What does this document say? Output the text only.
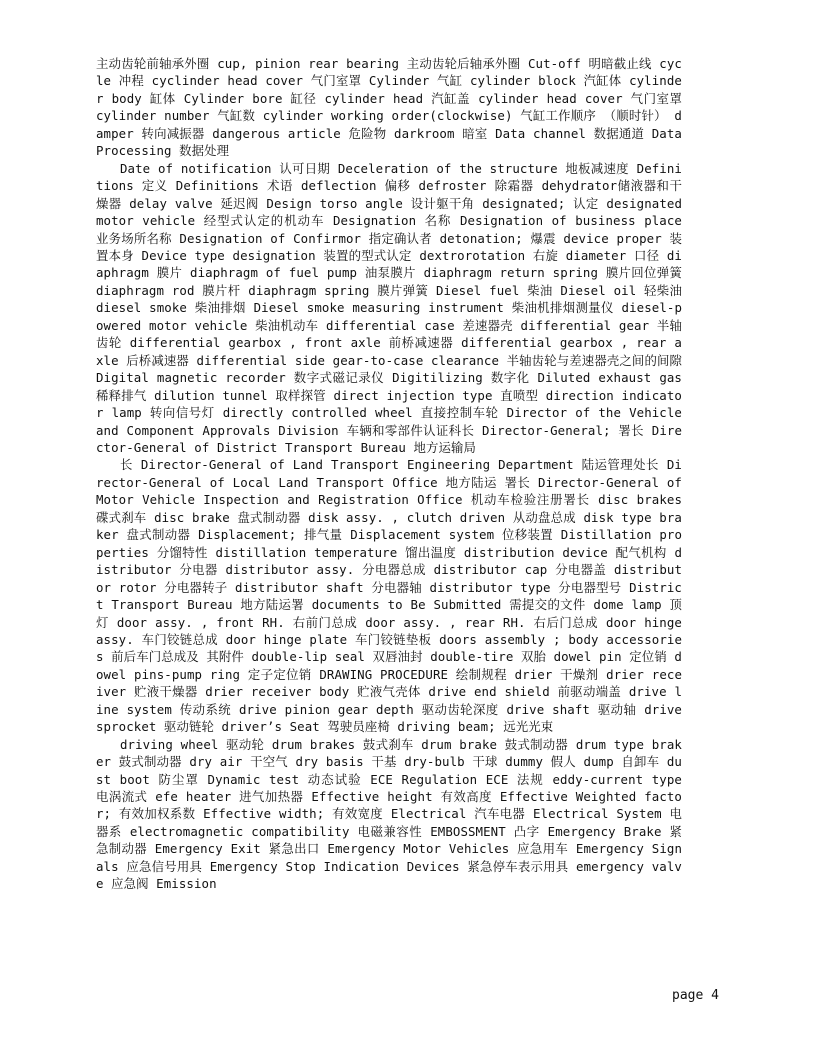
主动齿轮前轴承外圈 cup, pinion rear bearing 主动齿轮后轴承外圈 Cut-off 明暗截止线 cycle 冲程 cyclinder head cover 气门室罩 Cylinder 气缸 cylinder block 汽缸体 cylinder body 缸体 Cylinder bore 缸径 cylinder head 汽缸盖 cylinder head cover 气门室罩 cylinder number 气缸数 cylinder working order(clockwise) 气缸工作顺序 （顺时针） damper 转向减振器 dangerous article 危险物 darkroom 暗室 Data channel 数据通道 Data Processing 数据处理

Date of notification 认可日期 Deceleration of the structure 地板减速度 Definitions 定义 Definitions 术语 deflection 偏移 defroster 除霜器 dehydrator储液器和干燥器 delay valve 延迟阀 Design torso angle 设计躯干角 designated; 认定 designated motor vehicle 经型式认定的机动车 Designation 名称 Designation of business place 业务场所名称 Designation of Confirmor 指定确认者 detonation; 爆震 device proper 装置本身 Device type designation 装置的型式认定 dextrorotation 右旋 diameter 口径 diaphragm 膜片 diaphragm of fuel pump 油泵膜片 diaphragm return spring 膜片回位弹簧 diaphragm rod 膜片杆 diaphragm spring 膜片弹簧 Diesel fuel 柴油 Diesel oil 轻柴油 diesel smoke 柴油排烟 Diesel smoke measuring instrument 柴油机排烟测量仪 diesel-powered motor vehicle 柴油机动车 differential case 差速器壳 differential gear 半轴齿轮 differential gearbox , front axle 前桥减速器 differential gearbox , rear axle 后桥减速器 differential side gear-to-case clearance 半轴齿轮与差速器壳之间的间隙 Digital magnetic recorder 数字式磁记录仪 Digitilizing 数字化 Diluted exhaust gas 稀释排气 dilution tunnel 取样探管 direct injection type 直喷型 direction indicator lamp 转向信号灯 directly controlled wheel 直接控制车轮 Director of the Vehicle and Component Approvals Division 车辆和零部件认证科长 Director-General; 署长 Director-General of District Transport Bureau 地方运输局

长 Director-General of Land Transport Engineering Department 陆运管理处长 Director-General of Local Land Transport Office 地方陆运 署长 Director-General of Motor Vehicle Inspection and Registration Office 机动车检验注册署长 disc brakes 碟式刹车 disc brake 盘式制动器 disk assy. , clutch driven 从动盘总成 disk type braker 盘式制动器 Displacement; 排气量 Displacement system 位移装置 Distillation properties 分馏特性 distillation temperature 馏出温度 distribution device 配气机构 distributor 分电器 distributor assy. 分电器总成 distributor cap 分电器盖 distributor rotor 分电器转子 distributor shaft 分电器轴 distributor type 分电器型号 District Transport Bureau 地方陆运署 documents to Be Submitted 需提交的文件 dome lamp 顶灯 door assy. , front RH. 右前门总成 door assy. , rear RH. 右后门总成 door hinge assy. 车门铰链总成 door hinge plate 车门铰链垫板 doors assembly ; body accessories 前后车门总成及 其附件 double-lip seal 双唇油封 double-tire 双胎 dowel pin 定位销 dowel pins-pump ring 定子定位销 DRAWING PROCEDURE 绘制规程 drier 干燥剂 drier receiver 贮液干燥器 drier receiver body 贮液气壳体 drive end shield 前驱动端盖 drive line system 传动系统 drive pinion gear depth 驱动齿轮深度 drive shaft 驱动轴 drive sprocket 驱动链轮 driver’s Seat 驾驶员座椅 driving beam; 远光光束

driving wheel 驱动轮 drum brakes 鼓式刹车 drum brake 鼓式制动器 drum type braker 鼓式制动器 dry air 干空气 dry basis 干基 dry-bulb 干球 dummy 假人 dump 自卸车 dust boot 防尘罩 Dynamic test 动态试验 ECE Regulation ECE 法规 eddy-current type 电涡流式 efe heater 进气加热器 Effective height 有效高度 Effective Weighted factor; 有效加权系数 Effective width; 有效宽度 Electrical 汽车电器 Electrical System 电器系 electromagnetic compatibility 电磁兼容性 EMBOSSMENT 凸字 Emergency Brake 紧急制动器 Emergency Exit 紧急出口 Emergency Motor Vehicles 应急用车 Emergency Signals 应急信号用具 Emergency Stop Indication Devices 紧急停车表示用具 emergency valve 应急阀 Emission

page 4
